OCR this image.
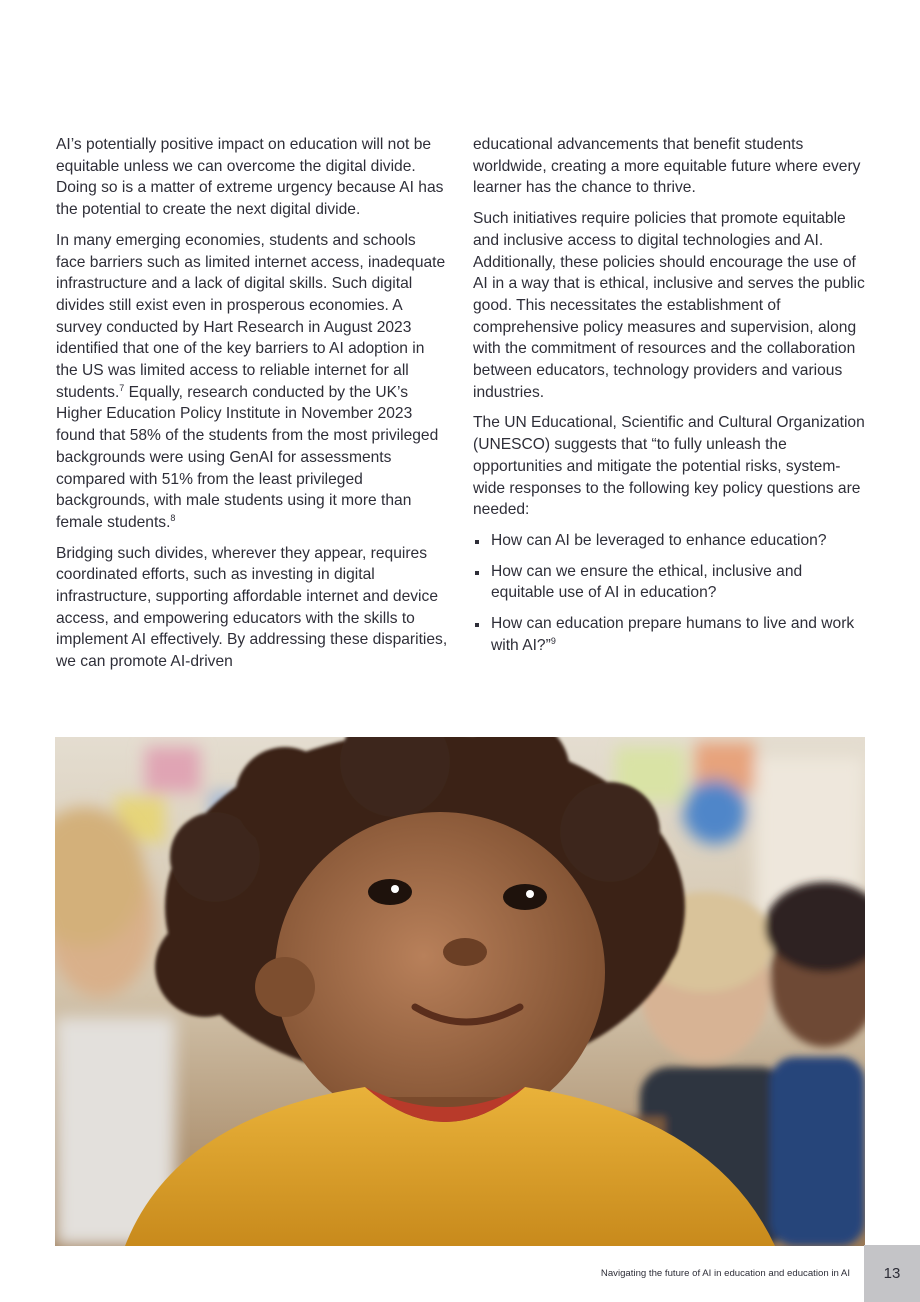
AI’s potentially positive impact on education will not be equitable unless we can overcome the digital divide. Doing so is a matter of extreme urgency because AI has the potential to create the next digital divide.

In many emerging economies, students and schools face barriers such as limited internet access, inadequate infrastructure and a lack of digital skills. Such digital divides still exist even in prosperous economies. A survey conducted by Hart Research in August 2023 identified that one of the key barriers to AI adoption in the US was limited access to reliable internet for all students.$^7$ Equally, research conducted by the UK’s Higher Education Policy Institute in November 2023 found that 58% of the students from the most privileged backgrounds were using GenAI for assessments compared with 51% from the least privileged backgrounds, with male students using it more than female students.$^8$

Bridging such divides, wherever they appear, requires coordinated efforts, such as investing in digital infrastructure, supporting affordable internet and device access, and empowering educators with the skills to implement AI effectively. By addressing these disparities, we can promote AI-driven

educational advancements that benefit students worldwide, creating a more equitable future where every learner has the chance to thrive.

Such initiatives require policies that promote equitable and inclusive access to digital technologies and AI. Additionally, these policies should encourage the use of AI in a way that is ethical, inclusive and serves the public good. This necessitates the establishment of comprehensive policy measures and supervision, along with the commitment of resources and the collaboration between educators, technology providers and various industries.

The UN Educational, Scientific and Cultural Organization (UNESCO) suggests that “to fully unleash the opportunities and mitigate the potential risks, system-wide responses to the following key policy questions are needed:

How can AI be leveraged to enhance education?
How can we ensure the ethical, inclusive and equitable use of AI in education?
How can education prepare humans to live and work with AI?”$^9$
Navigating the future of AI in education and education in AI	13
